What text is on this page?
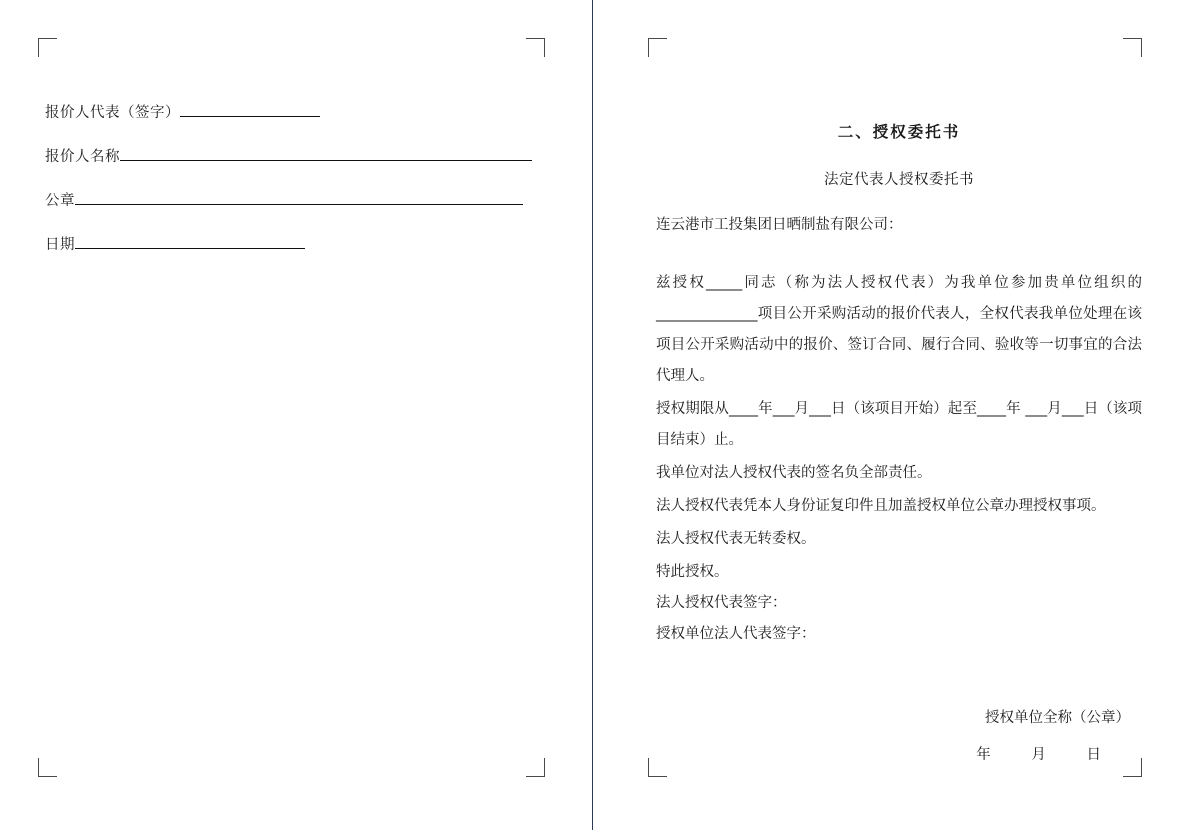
报价人代表（签字）
报价人名称
公章
日期
二、授权委托书
法定代表人授权委托书
连云港市工投集团日晒制盐有限公司：

兹授权_____同志（称为法人授权代表）为我单位参加贵单位组织的______________项目公开采购活动的报价代表人，全权代表我单位处理在该项目公开采购活动中的报价、签订合同、履行合同、验收等一切事宜的合法代理人。

授权期限从____年___月___日（该项目开始）起至____年 ___月___日（该项目结束）止。

我单位对法人授权代表的签名负全部责任。

法人授权代表凭本人身份证复印件且加盖授权单位公章办理授权事项。

法人授权代表无转委权。

特此授权。

法人授权代表签字：

授权单位法人代表签字：

授权单位全称（公章）
年	月	日
